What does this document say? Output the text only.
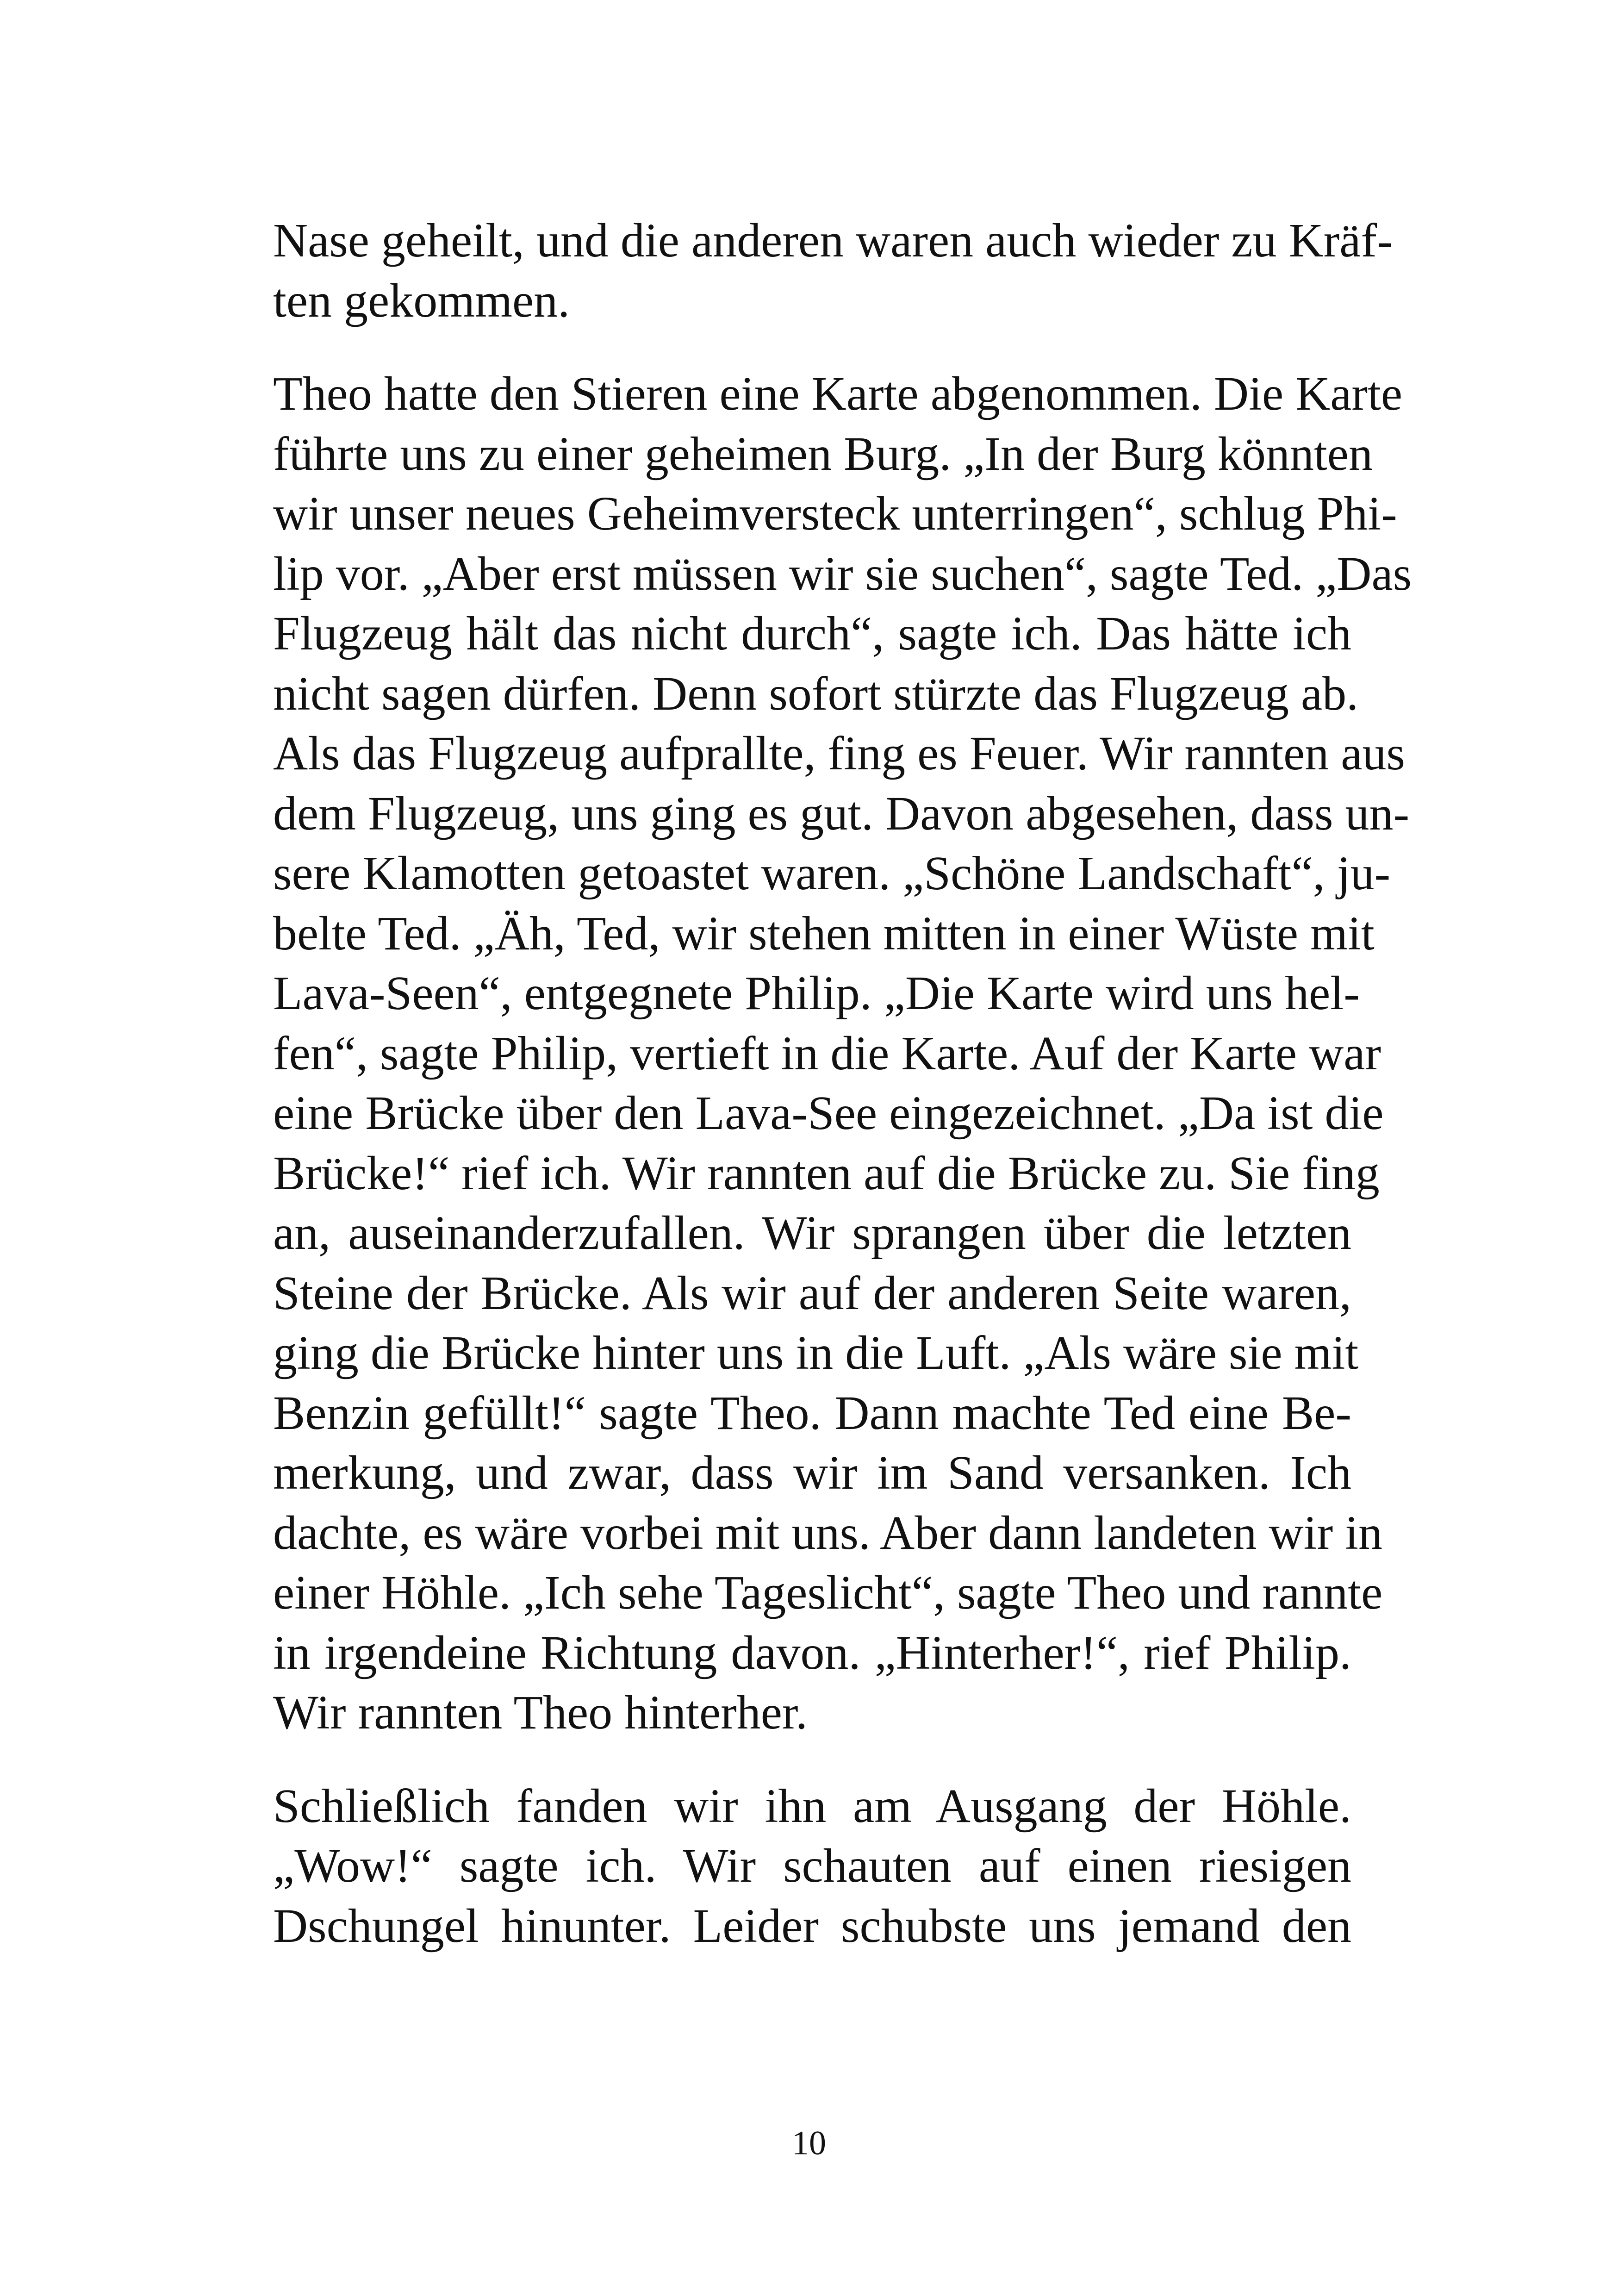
Nase geheilt, und die anderen waren auch wieder zu Kräf-
ten gekommen.

Theo hatte den Stieren eine Karte abgenommen. Die Karte
führte uns zu einer geheimen Burg. „In der Burg könnten
wir unser neues Geheimversteck unterringen“, schlug Phi-
lip vor. „Aber erst müssen wir sie suchen“, sagte Ted. „Das
Flugzeug hält das nicht durch“, sagte ich. Das hätte ich
nicht sagen dürfen. Denn sofort stürzte das Flugzeug ab.
Als das Flugzeug aufprallte, fing es Feuer. Wir rannten aus
dem Flugzeug, uns ging es gut. Davon abgesehen, dass un-
sere Klamotten getoastet waren. „Schöne Landschaft“, ju-
belte Ted. „Äh, Ted, wir stehen mitten in einer Wüste mit
Lava-Seen“, entgegnete Philip. „Die Karte wird uns hel-
fen“, sagte Philip, vertieft in die Karte. Auf der Karte war
eine Brücke über den Lava-See eingezeichnet. „Da ist die
Brücke!“ rief ich. Wir rannten auf die Brücke zu. Sie fing
an, auseinanderzufallen. Wir sprangen über die letzten
Steine der Brücke. Als wir auf der anderen Seite waren,
ging die Brücke hinter uns in die Luft. „Als wäre sie mit
Benzin gefüllt!“ sagte Theo. Dann machte Ted eine Be-
merkung, und zwar, dass wir im Sand versanken. Ich
dachte, es wäre vorbei mit uns. Aber dann landeten wir in
einer Höhle. „Ich sehe Tageslicht“, sagte Theo und rannte
in irgendeine Richtung davon. „Hinterher!“, rief Philip.
Wir rannten Theo hinterher.

Schließlich fanden wir ihn am Ausgang der Höhle.
„Wow!“ sagte ich. Wir schauten auf einen riesigen
Dschungel hinunter. Leider schubste uns jemand den

10
